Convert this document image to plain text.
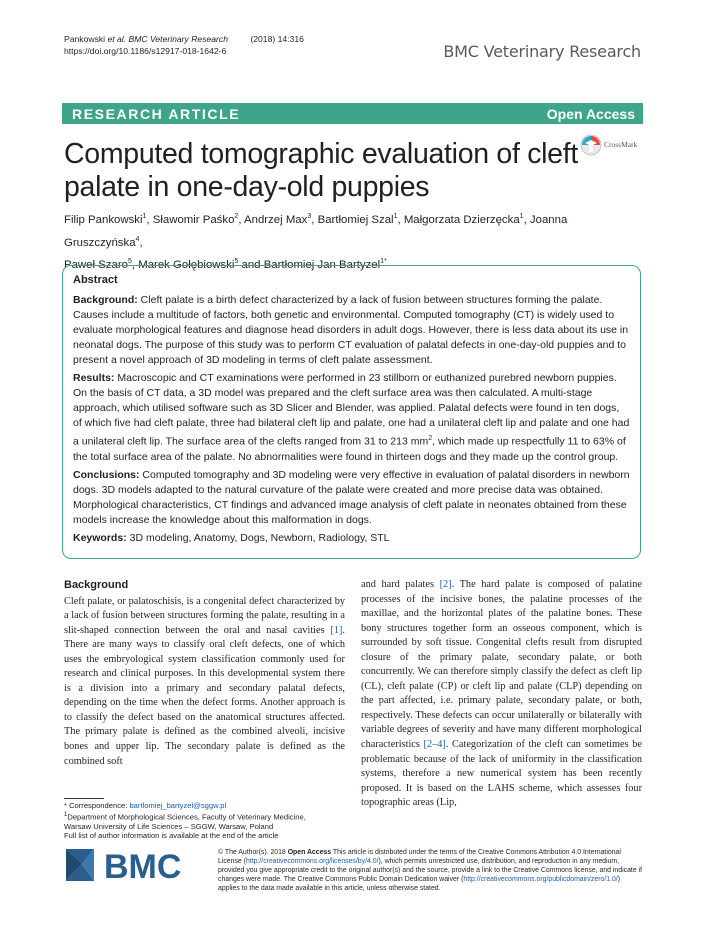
Pankowski et al. BMC Veterinary Research	(2018) 14:316
https://doi.org/10.1186/s12917-018-1642-6	BMC Veterinary Research
RESEARCH ARTICLE	Open Access
CrossMark
Computed tomographic evaluation of cleft palate in one-day-old puppies
Filip Pankowski$^1$, Sławomir Paśko$^2$, Andrzej Max$^3$, Bartłomiej Szal$^1$, Małgorzata Dzierzęcka$^1$, Joanna Gruszczyńska$^4$,
Paweł Szaro$^5$, Marek Gołębiowski$^5$ and Bartłomiej Jan Bartyzel$^{1*}$
Abstract

Background: Cleft palate is a birth defect characterized by a lack of fusion between structures forming the palate. Causes include a multitude of factors, both genetic and environmental. Computed tomography (CT) is widely used to evaluate morphological features and diagnose head disorders in adult dogs. However, there is less data about its use in neonatal dogs. The purpose of this study was to perform CT evaluation of palatal defects in one-day-old puppies and to present a novel approach of 3D modeling in terms of cleft palate assessment.

Results: Macroscopic and CT examinations were performed in 23 stillborn or euthanized purebred newborn puppies. On the basis of CT data, a 3D model was prepared and the cleft surface area was then calculated. A multi-stage approach, which utilised software such as 3D Slicer and Blender, was applied. Palatal defects were found in ten dogs, of which five had cleft palate, three had bilateral cleft lip and palate, one had a unilateral cleft lip and palate and one had a unilateral cleft lip. The surface area of the clefts ranged from 31 to 213 $mm^2$, which made up respectfully 11 to 63% of the total surface area of the palate. No abnormalities were found in thirteen dogs and they made up the control group.

Conclusions: Computed tomography and 3D modeling were very effective in evaluation of palatal disorders in newborn dogs. 3D models adapted to the natural curvature of the palate were created and more precise data was obtained. Morphological characteristics, CT findings and advanced image analysis of cleft palate in neonates obtained from these models increase the knowledge about this malformation in dogs.

Keywords: 3D modeling, Anatomy, Dogs, Newborn, Radiology, STL

Background
Cleft palate, or palatoschisis, is a congenital defect characterized by a lack of fusion between structures forming the palate, resulting in a slit-shaped connection between the oral and nasal cavities [1]. There are many ways to classify oral cleft defects, one of which uses the embryological system classification commonly used for research and clinical purposes. In this developmental system there is a division into a primary and secondary palatal defects, depending on the time when the defect forms. Another approach is to classify the defect based on the anatomical structures affected. The primary palate is defined as the combined alveoli, incisive bones and upper lip. The secondary palate is defined as the combined soft
and hard palates [2]. The hard palate is composed of palatine processes of the incisive bones, the palatine processes of the maxillae, and the horizontal plates of the palatine bones. These bony structures together form an osseous component, which is surrounded by soft tissue. Congenital clefts result from disrupted closure of the primary palate, secondary palate, or both concurrently. We can therefore simply classify the defect as cleft lip (CL), cleft palate (CP) or cleft lip and palate (CLP) depending on the part affected, i.e. primary palate, secondary palate, or both, respectively. These defects can occur unilaterally or bilaterally with variable degrees of severity and have many different morphological characteristics [2–4]. Categorization of the cleft can sometimes be problematic because of the lack of uniformity in the classification systems, therefore a new numerical system has been recently proposed. It is based on the LAHS scheme, which assesses four topographic areas (Lip,
* Correspondence: bartlomiej_bartyzel@sggw.pl
$^1$Department of Morphological Sciences, Faculty of Veterinary Medicine,
Warsaw University of Life Sciences – SGGW, Warsaw, Poland
Full list of author information is available at the end of the article
BMC	© The Author(s). 2018 Open Access This article is distributed under the terms of the Creative Commons Attribution 4.0 International License (http://creativecommons.org/licenses/by/4.0/), which permits unrestricted use, distribution, and reproduction in any medium, provided you give appropriate credit to the original author(s) and the source, provide a link to the Creative Commons license, and indicate if changes were made. The Creative Commons Public Domain Dedication waiver (http://creativecommons.org/publicdomain/zero/1.0/) applies to the data made available in this article, unless otherwise stated.
